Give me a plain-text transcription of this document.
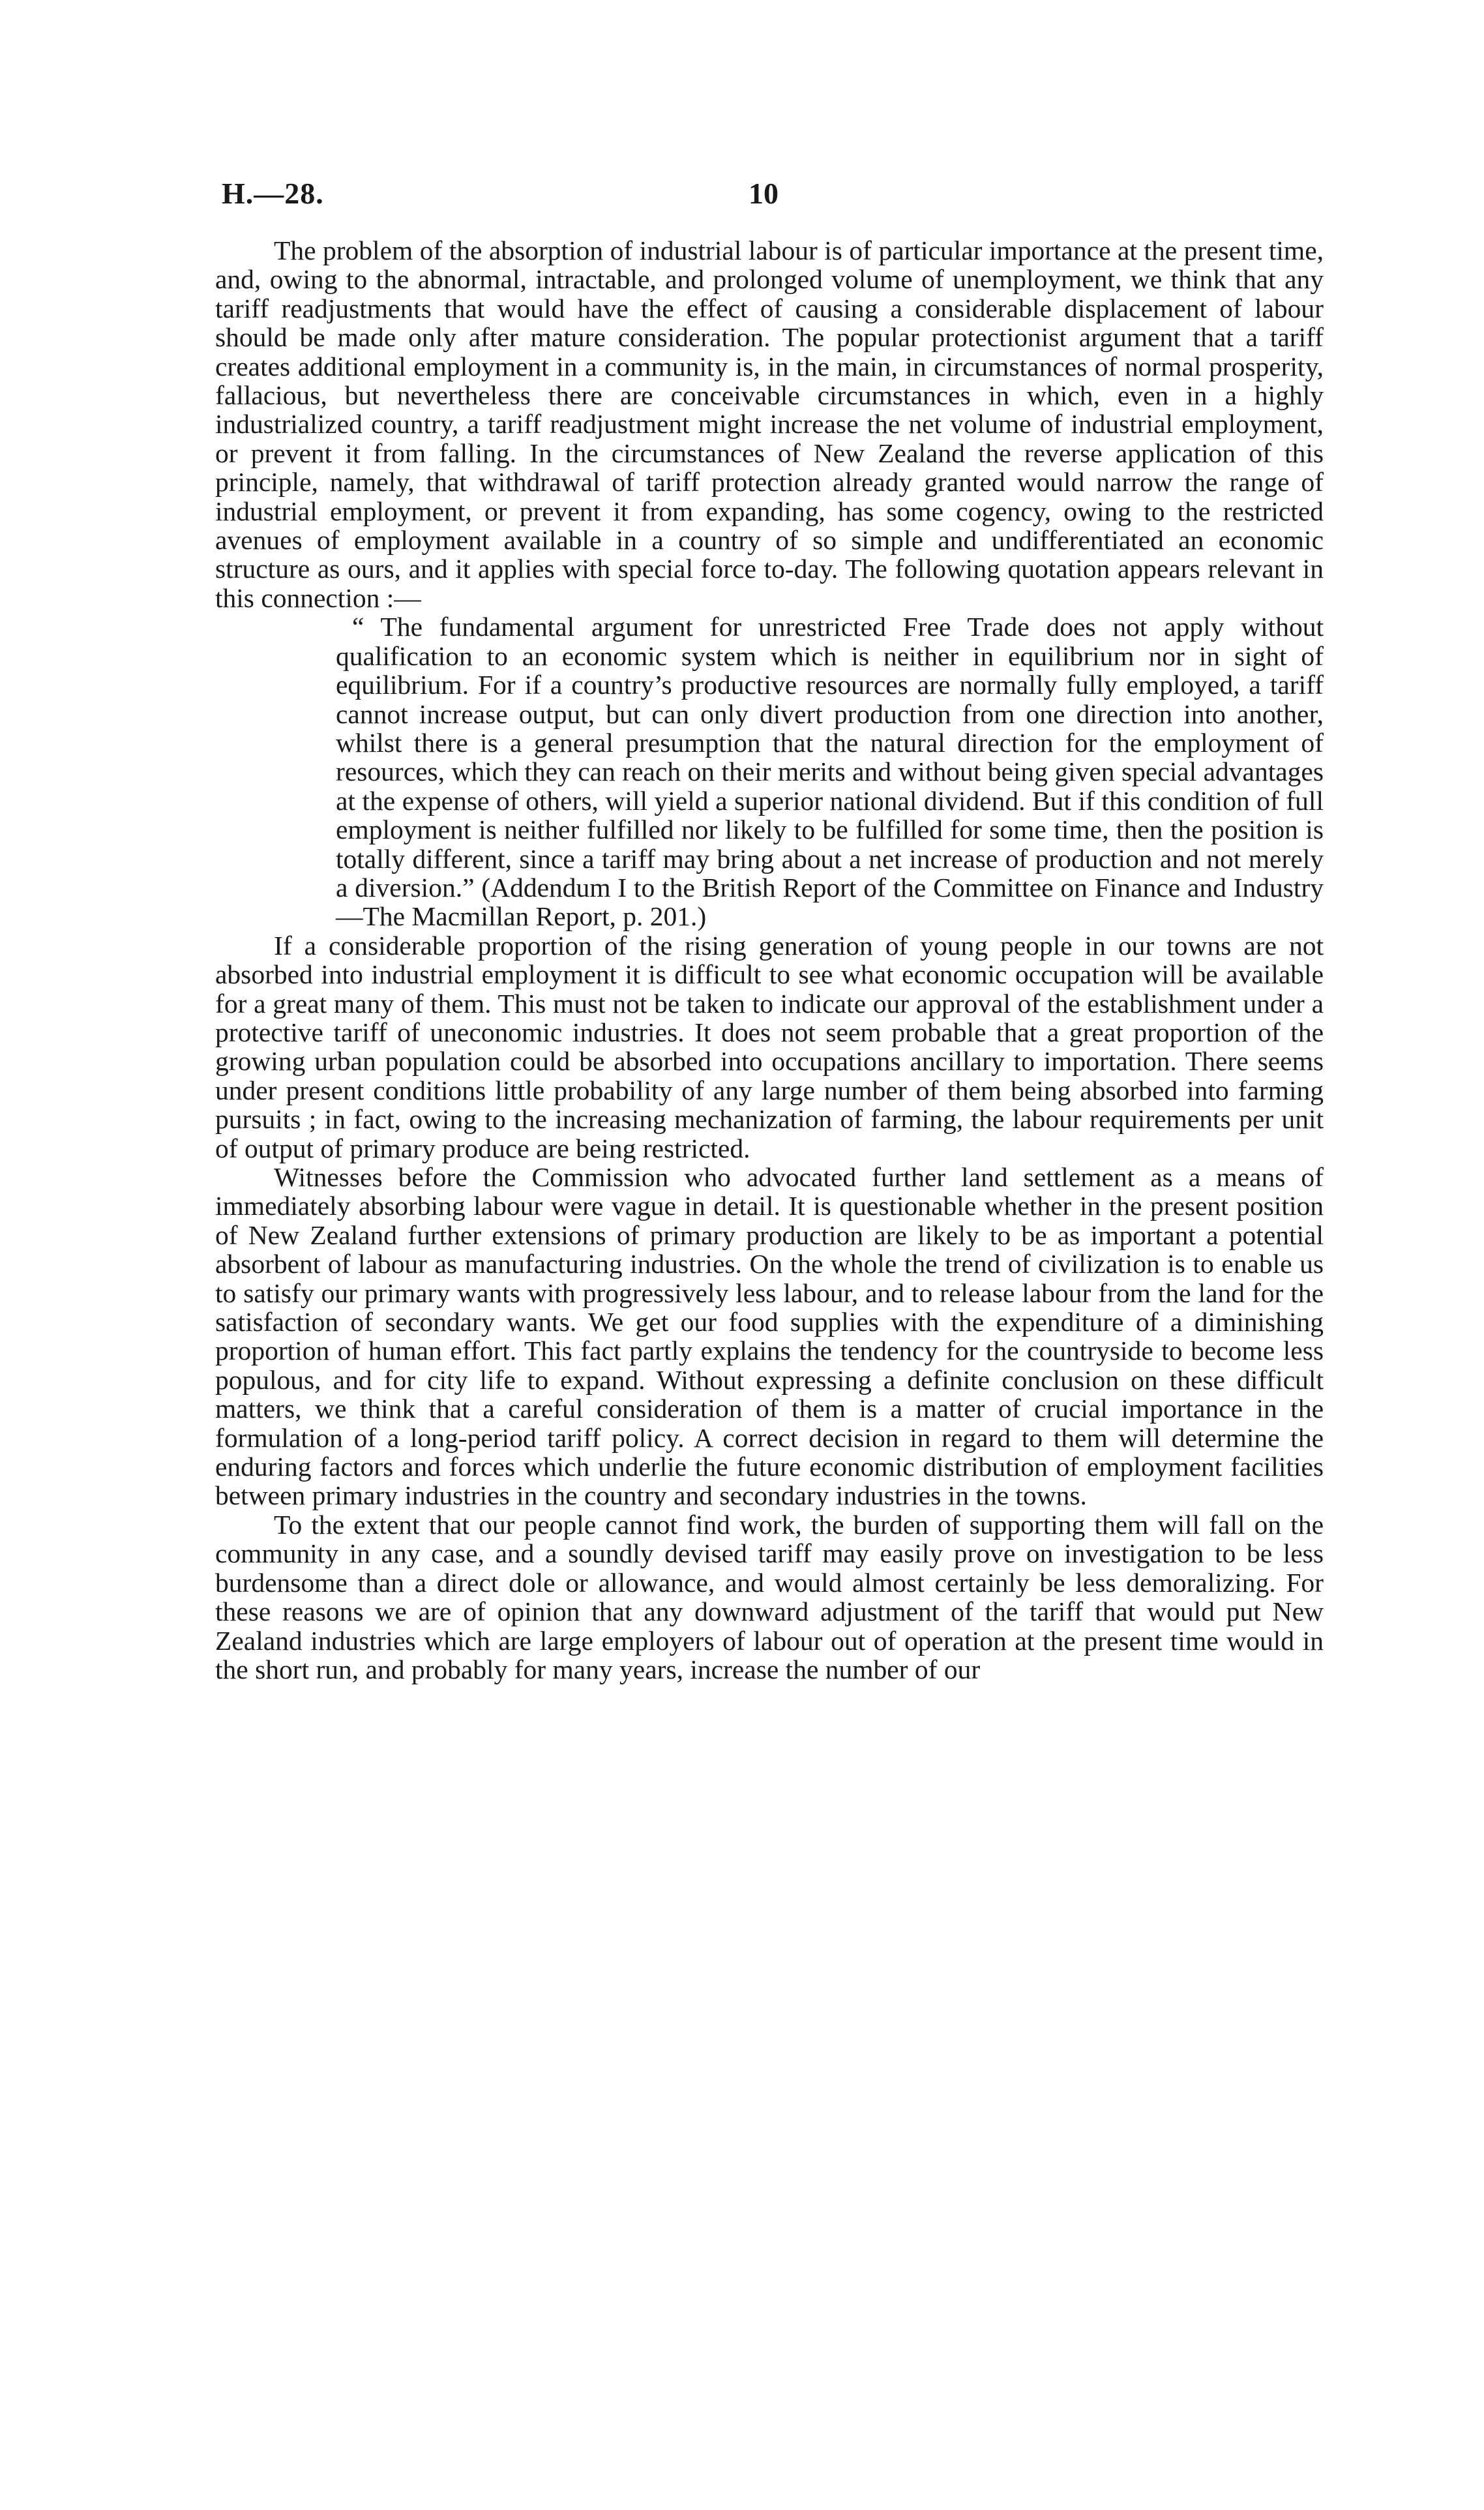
H.—28.	10

The problem of the absorption of industrial labour is of particular importance at the present time, and, owing to the abnormal, intractable, and prolonged volume of unemployment, we think that any tariff readjustments that would have the effect of causing a considerable displacement of labour should be made only after mature consideration. The popular protectionist argument that a tariff creates additional employment in a community is, in the main, in circumstances of normal prosperity, fallacious, but nevertheless there are conceivable circumstances in which, even in a highly industrialized country, a tariff readjustment might increase the net volume of industrial employment, or prevent it from falling. In the circumstances of New Zealand the reverse application of this principle, namely, that withdrawal of tariff protection already granted would narrow the range of industrial employment, or prevent it from expanding, has some cogency, owing to the restricted avenues of employment available in a country of so simple and undifferentiated an economic structure as ours, and it applies with special force to-day. The following quotation appears relevant in this connection :—

“ The fundamental argument for unrestricted Free Trade does not apply without qualification to an economic system which is neither in equilibrium nor in sight of equilibrium. For if a country’s productive resources are normally fully employed, a tariff cannot increase output, but can only divert production from one direction into another, whilst there is a general presumption that the natural direction for the employment of resources, which they can reach on their merits and without being given special advantages at the expense of others, will yield a superior national dividend. But if this condition of full employment is neither fulfilled nor likely to be fulfilled for some time, then the position is totally different, since a tariff may bring about a net increase of production and not merely a diversion.” (Addendum I to the British Report of the Committee on Finance and Industry—The Macmillan Report, p. 201.)

If a considerable proportion of the rising generation of young people in our towns are not absorbed into industrial employment it is difficult to see what economic occupation will be available for a great many of them. This must not be taken to indicate our approval of the establishment under a protective tariff of uneconomic industries. It does not seem probable that a great proportion of the growing urban population could be absorbed into occupations ancillary to importation. There seems under present conditions little probability of any large number of them being absorbed into farming pursuits ; in fact, owing to the increasing mechanization of farming, the labour requirements per unit of output of primary produce are being restricted.

Witnesses before the Commission who advocated further land settlement as a means of immediately absorbing labour were vague in detail. It is questionable whether in the present position of New Zealand further extensions of primary production are likely to be as important a potential absorbent of labour as manufacturing industries. On the whole the trend of civilization is to enable us to satisfy our primary wants with progressively less labour, and to release labour from the land for the satisfaction of secondary wants. We get our food supplies with the expenditure of a diminishing proportion of human effort. This fact partly explains the tendency for the countryside to become less populous, and for city life to expand. Without expressing a definite conclusion on these difficult matters, we think that a careful consideration of them is a matter of crucial importance in the formulation of a long-period tariff policy. A correct decision in regard to them will determine the enduring factors and forces which underlie the future economic distribution of employment facilities between primary industries in the country and secondary industries in the towns.

To the extent that our people cannot find work, the burden of supporting them will fall on the community in any case, and a soundly devised tariff may easily prove on investigation to be less burdensome than a direct dole or allowance, and would almost certainly be less demoralizing. For these reasons we are of opinion that any downward adjustment of the tariff that would put New Zealand industries which are large employers of labour out of operation at the present time would in the short run, and probably for many years, increase the number of our
